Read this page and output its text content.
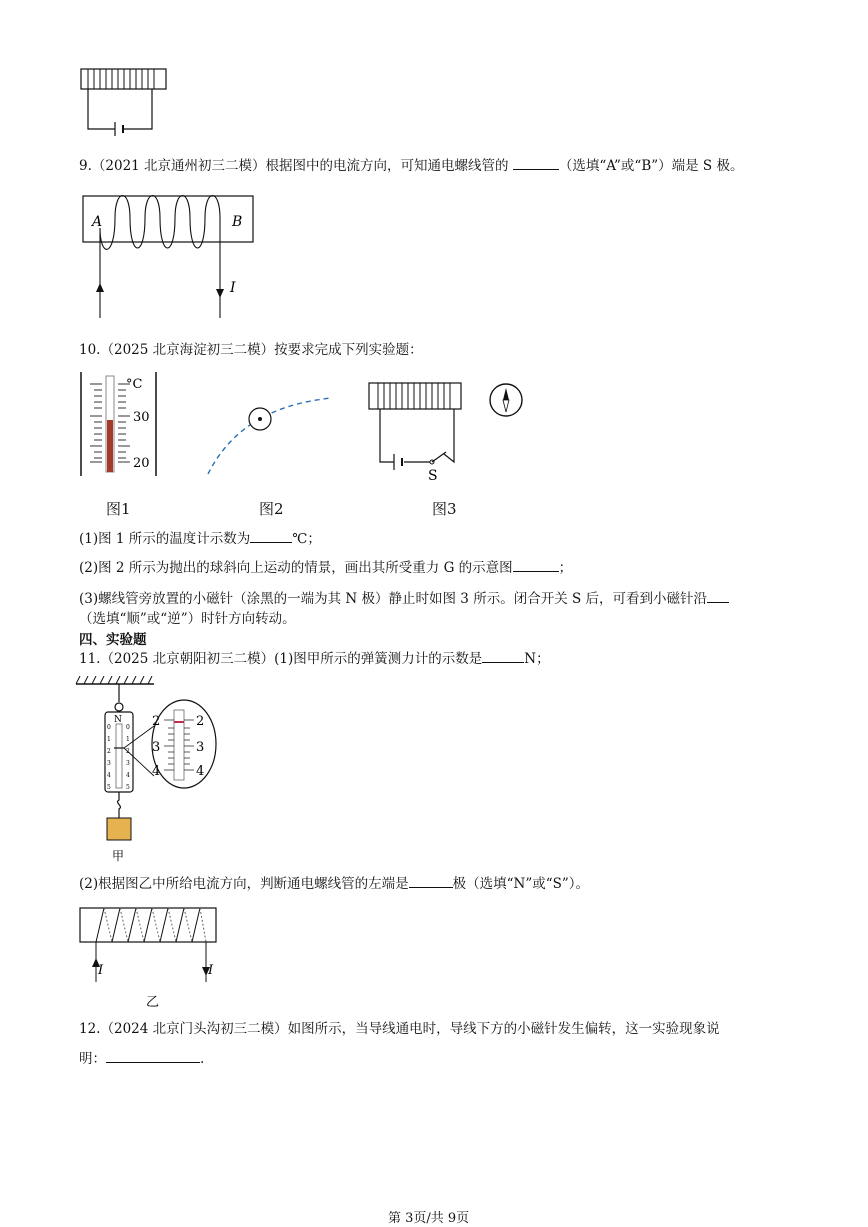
9.（2021 北京通州初三二模）根据图中的电流方向，可知通电螺线管的	（选填“A”或“B”）端是 S 极。
A	B
I
10.（2025 北京海淀初三二模）按要求完成下列实验题：
°C
30
20
S
图1	图2	图3
(1)图 1 所示的温度计示数为	℃；
(2)图 2 所示为抛出的球斜向上运动的情景，画出其所受重力 G 的示意图	；
(3)螺线管旁放置的小磁针（涂黑的一端为其 N 极）静止时如图 3 所示。闭合开关 S 后，可看到小磁针沿
（选填“顺”或“逆”）时针方向转动。
四、实验题
11.（2025 北京朝阳初三二模）(1)图甲所示的弹簧测力计的示数是	N；
N
0
1
2
3
4
5
0
1
2
3
4
5
2
3
4
2
3
4
甲
(2)根据图乙中所给电流方向，判断通电螺线管的左端是	极（选填“N”或“S”）。
I	I
乙
12.（2024 北京门头沟初三二模）如图所示，当导线通电时，导线下方的小磁针发生偏转，这一实验现象说
明：	.
第 3页/共 9页
